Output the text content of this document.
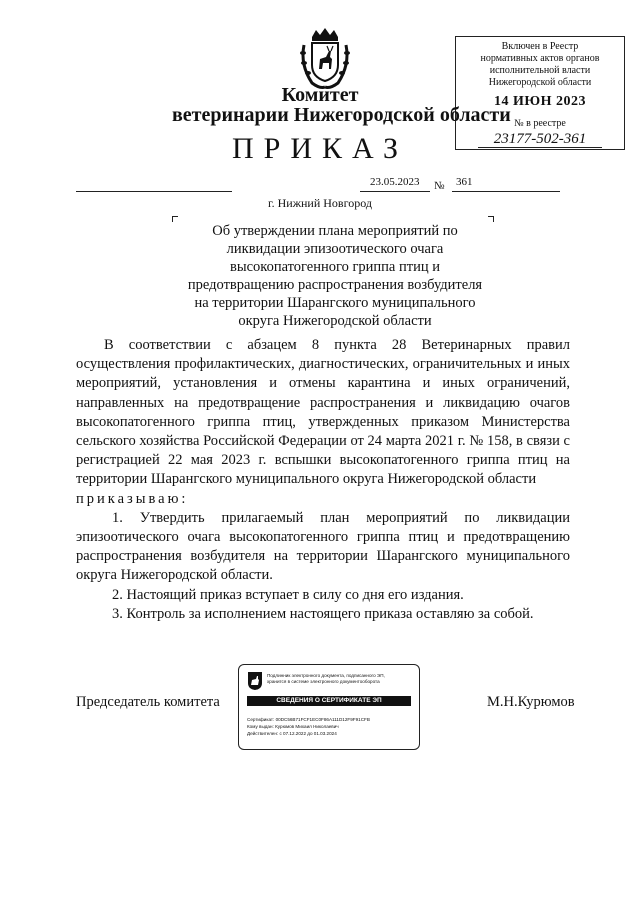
Включен в Реестр
нормативных актов органов
исполнительной власти
Нижегородской области
14 ИЮН 2023
№ в реестре
23177-502-361
Комитет
ветеринарии Нижегородской области
ПРИКАЗ
23.05.2023 № 361
г. Нижний Новгород
Об утверждении плана мероприятий по
ликвидации эпизоотического очага
высокопатогенного гриппа птиц и
предотвращению распространения возбудителя
на территории Шарангского муниципального
округа Нижегородской области

В соответствии с абзацем 8 пункта 28 Ветеринарных правил осуществления профилактических, диагностических, ограничительных и иных мероприятий, установления и отмены карантина и иных ограничений, направленных на предотвращение распространения и ликвидацию очагов высокопатогенного гриппа птиц, утвержденных приказом Министерства сельского хозяйства Российской Федерации от 24 марта 2021 г. № 158, в связи с регистрацией 22 мая 2023 г. вспышки высокопатогенного гриппа птиц на территории Шарангского муниципального округа Нижегородской области

приказываю:

1. Утвердить прилагаемый план мероприятий по ликвидации эпизоотического очага высокопатогенного гриппа птиц и предотвращению распространения возбудителя на территории Шарангского муниципального округа Нижегородской области.

2. Настоящий приказ вступает в силу со дня его издания.

3. Контроль за исполнением настоящего приказа оставляю за собой.

Подлинник электронного документа, подписанного ЭП,
хранится в системе электронного документооборота
СВЕДЕНИЯ О СЕРТИФИКАТЕ ЭП
Сертификат: 00DC56B71FCF1EC0F86A111D12F9F91CFB
Кому выдан: Курюмов Михаил Николаевич
Действителен: с 07.12.2022 до 01.03.2024
Председатель комитета	М.Н.Курюмов
